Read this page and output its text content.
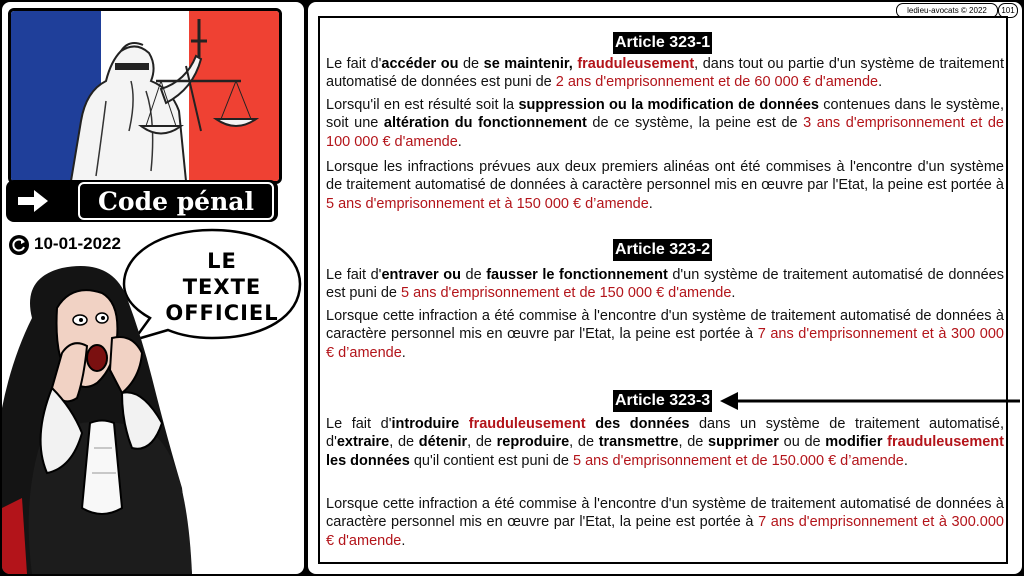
Code pénal
10-01-2022
LE
TEXTE
OFFICIEL
ledieu-avocats © 2022	101
Article 323-1
Le fait d'accéder ou de se maintenir, frauduleusement, dans tout ou partie d'un système de traitement automatisé de données est puni de 2 ans d'emprisonnement et de 60 000 € d'amende.
Lorsqu'il en est résulté soit la suppression ou la modification de données contenues dans le système, soit une altération du fonctionnement de ce système, la peine est de 3 ans d'emprisonnement et de 100 000 € d'amende.
Lorsque les infractions prévues aux deux premiers alinéas ont été commises à l'encontre d'un système de traitement automatisé de données à caractère personnel mis en œuvre par l'Etat, la peine est portée à 5 ans d'emprisonnement et à 150 000 € d’amende.
Article 323-2
Le fait d'entraver ou de fausser le fonctionnement d'un système de traitement automatisé de données est puni de 5 ans d'emprisonnement et de 150 000 € d'amende.
Lorsque cette infraction a été commise à l'encontre d'un système de traitement automatisé de données à caractère personnel mis en œuvre par l'Etat, la peine est portée à 7 ans d'emprisonnement et à 300 000 € d’amende.
Article 323-3
Le fait d'introduire frauduleusement des données dans un système de traitement automatisé, d'extraire, de détenir, de reproduire, de transmettre, de supprimer ou de modifier frauduleusement les données qu'il contient est puni de 5 ans d'emprisonnement et de 150.000 € d’amende.
Lorsque cette infraction a été commise à l'encontre d'un système de traitement automatisé de données à caractère personnel mis en œuvre par l'Etat, la peine est portée à 7 ans d'emprisonnement et à 300.000 € d'amende.
